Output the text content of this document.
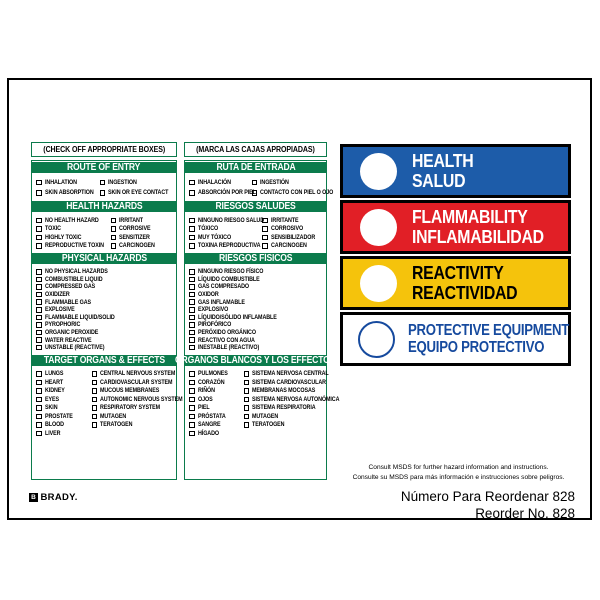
(CHECK OFF APPROPRIATE BOXES)
ROUTE OF ENTRY
INHALATION
SKIN ABSORPTION
INGESTION
SKIN OR EYE CONTACT
HEALTH HAZARDS
NO HEALTH HAZARD
TOXIC
HIGHLY TOXIC
REPRODUCTIVE TOXIN
IRRITANT
CORROSIVE
SENSITIZER
CARCINOGEN
PHYSICAL HAZARDS
NO PHYSICAL HAZARDS
COMBUSTIBLE LIQUID
COMPRESSED GAS
OXIDIZER
FLAMMABLE GAS
EXPLOSIVE
FLAMMABLE LIQUID/SOLID
PYROPHORIC
ORGANIC PEROXIDE
WATER REACTIVE
UNSTABLE (REACTIVE)
TARGET ORGANS & EFFECTS
LUNGS
HEART
KIDNEY
EYES
SKIN
PROSTATE
BLOOD
LIVER
CENTRAL NERVOUS SYSTEM
CARDIOVASCULAR SYSTEM
MUCOUS MEMBRANES
AUTONOMIC NERVOUS SYSTEM
RESPIRATORY SYSTEM
MUTAGEN
TERATOGEN
(MARCA LAS CAJAS APROPIADAS)
RUTA DE ENTRADA
INHALACIÓN
ABSORCIÓN POR PIEL
INGESTIÓN
CONTACTO CON PIEL O OJO
RIESGOS SALUDES
NINGUNO RIESGO SALUD
TÓXICO
MUY TÓXICO
TOXINA REPRODUCTIVA
IRRITANTE
CORROSIVO
SENSIBILIZADOR
CARCINOGEN
RIESGOS FÍSICOS
NINGUNO RIESGO FÍSICO
LÍQUIDO COMBUSTIBLE
GAS COMPRESADO
OXIDOR
GAS INFLAMABLE
EXPLOSIVO
LÍQUIDO/SÓLIDO INFLAMABLE
PIROFÓRICO
PERÓXIDO ORGÁNICO
REACTIVO CON AGUA
INESTABLE (REACTIVO)
ORGANOS BLANCOS Y LOS EFFECTOS
PULMONES
CORAZÓN
RIÑÓN
OJOS
PIEL
PRÓSTATA
SANGRE
HÍGADO
SISTEMA NERVOSA CENTRAL
SISTEMA CARDIOVASCULAR
MEMBRANAS MOCOSAS
SISTEMA NERVOSA AUTONÓMICA
SISTEMA RESPIRATORIA
MUTAGEN
TERATOGEN
HEALTH
SALUD
FLAMMABILITY
INFLAMABILIDAD
REACTIVITY
REACTIVIDAD
PROTECTIVE EQUIPMENT
EQUIPO PROTECTIVO
Consult MSDS for further hazard information and instructions.
Consulte su MSDS para más información e instrucciones sobre peligros.
Número Para Reordenar 828
Reorder No. 828
B BRADY.
